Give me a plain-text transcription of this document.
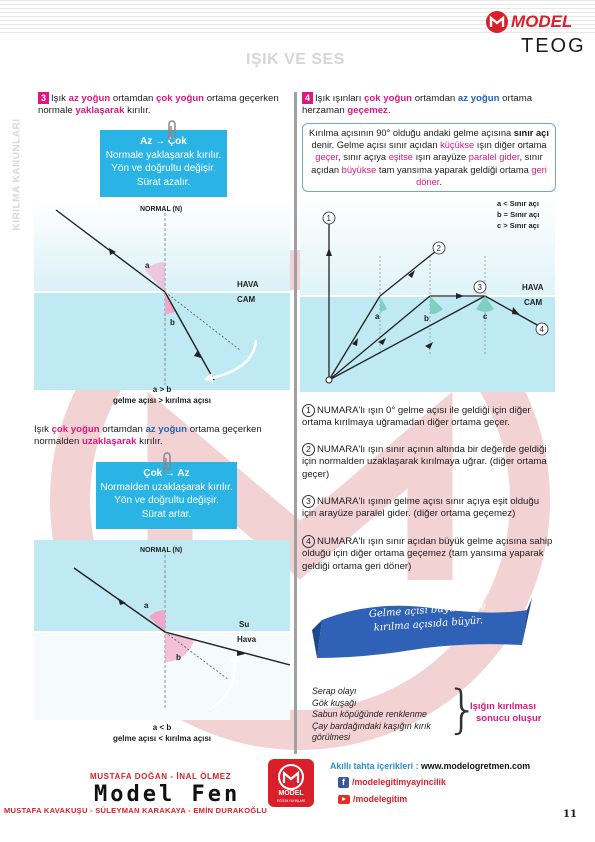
IŞIK VE SES
MODEL
TEOG
KIRILMA KANUNLARI
3 Işık az yoğun ortamdan çok yoğun ortama geçerken normale yaklaşarak kırılır.
Az → Çok
Normale yaklaşarak kırılır.
Yön ve doğrultu değişir.
Sürat azalır.
NORMAL (N)
HAVA
CAM
a
b
a > b
gelme açısı > kırılma açısı
Işık çok yoğun ortamdan az yoğun ortama geçerken normalden uzaklaşarak kırılır.
Çok → Az
Normalden uzaklaşarak kırılır.
Yön ve doğrultu değişir.
Sürat artar.
NORMAL (N)
Su
Hava
a
b
a < b
gelme açısı < kırılma açısı
4 Işık ışınları çok yoğun ortamdan az yoğun ortama herzaman geçemez.
Kırılma açısının 90° olduğu andaki gelme açısına sınır açı denir. Gelme açısı sınır açıdan küçükse ışın diğer ortama geçer, sınır açıya eşitse ışın arayüze paralel gider, sınır açıdan büyükse tam yansıma yaparak geldiği ortama geri döner.
1
2
3
4
a	b	c
HAVA
CAM
a < Sınır açı
b = Sınır açı
c > Sınır açı
1 NUMARA'lı ışın 0° gelme açısı ile geldiği için diğer ortama kırılmaya uğramadan diğer ortama geçer.
2 NUMARA'lı ışın sınır açının altında bir değerde geldiği için normalden uzaklaşarak kırılmaya uğrar. (diğer ortama geçer)
3 NUMARA'lı ışının gelme açısı sınır açıya eşit olduğu için arayüze paralel gider. (diğer ortama geçemez)
4 NUMARA'lı ışın sınır açıdan büyük gelme açısına sahip olduğu için diğer ortama geçemez (tam yansıma yaparak geldiği ortama geri döner)
Gelme açısı büyüdükçe
kırılma açısıda büyür.
Serap olayı
Gök kuşağı
Sabun köpüğünde renklenme
Çay bardağındaki kaşığın kırık görülmesi	}
Işığın kırılması
sonucu oluşur
MUSTAFA DOĞAN - İNAL ÖLMEZ
Model Fen
MUSTAFA KAVAKUŞU - SÜLEYMAN KARAKAYA - EMİN DURAKOĞLU
MODEL
EĞİTİM YAYINLARI
Akıllı tahta içerikleri : www.modelogretmen.com
f /modelegitimyayincilik
/modelegitim
11
